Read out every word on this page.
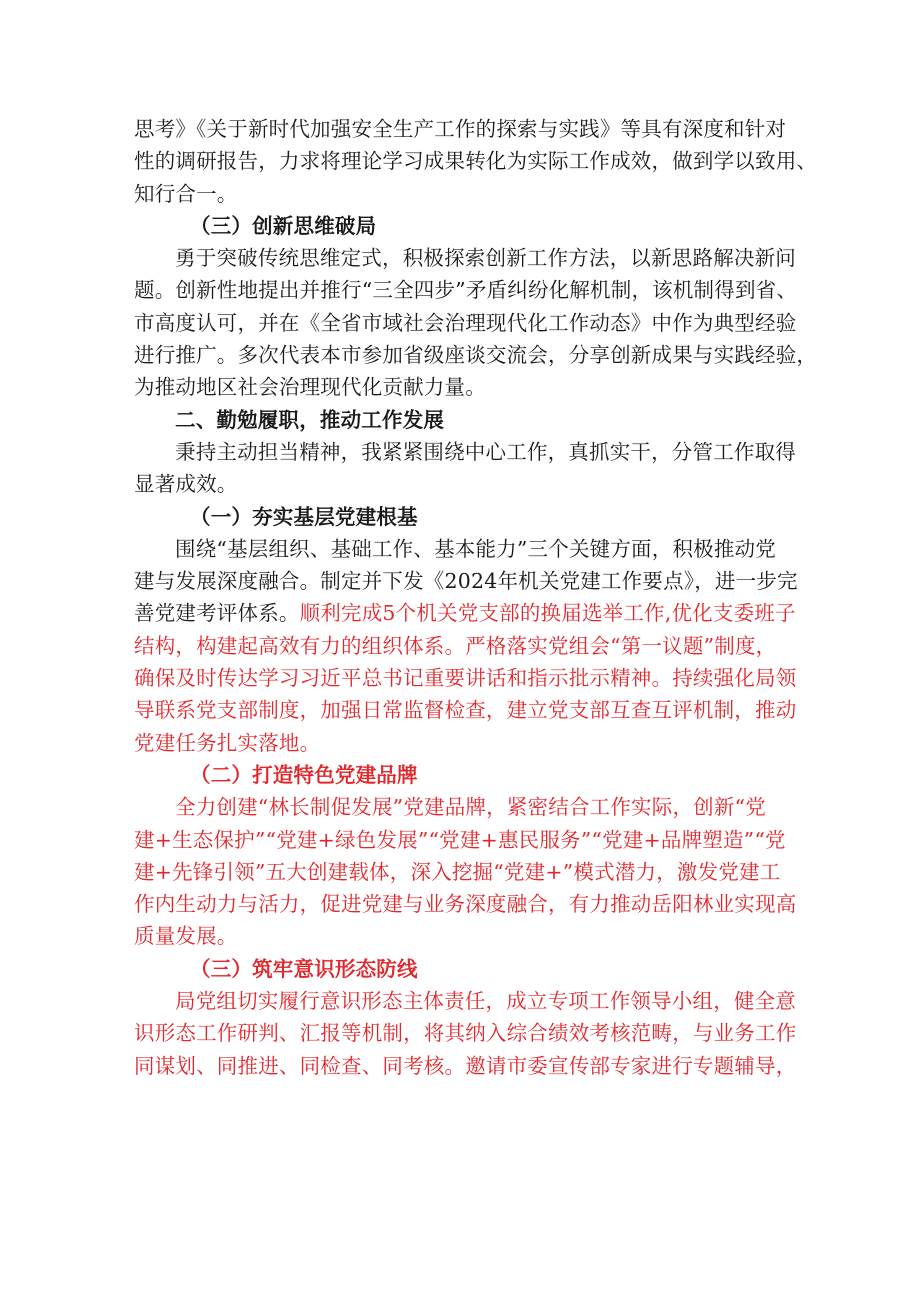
思考》《关于新时代加强安全生产工作的探索与实践》等具有深度和针对
性的调研报告，力求将理论学习成果转化为实际工作成效，做到学以致用、
知行合一。
（三）创新思维破局
勇于突破传统思维定式，积极探索创新工作方法，以新思路解决新问
题。创新性地提出并推行“三全四步”矛盾纠纷化解机制，该机制得到省、
市高度认可，并在《全省市域社会治理现代化工作动态》中作为典型经验
进行推广。多次代表本市参加省级座谈交流会，分享创新成果与实践经验，
为推动地区社会治理现代化贡献力量。
二、勤勉履职，推动工作发展
秉持主动担当精神，我紧紧围绕中心工作，真抓实干，分管工作取得
显著成效。
（一）夯实基层党建根基
围绕“基层组织、基础工作、基本能力”三个关键方面，积极推动党
建与发展深度融合。制定并下发《2024年机关党建工作要点》，进一步完
善党建考评体系。顺利完成5个机关党支部的换届选举工作,优化支委班子
结构，构建起高效有力的组织体系。严格落实党组会“第一议题”制度，
确保及时传达学习习近平总书记重要讲话和指示批示精神。持续强化局领
导联系党支部制度，加强日常监督检查，建立党支部互查互评机制，推动
党建任务扎实落地。
（二）打造特色党建品牌
全力创建“林长制促发展”党建品牌，紧密结合工作实际，创新“党
建+生态保护”“党建+绿色发展”“党建+惠民服务”“党建+品牌塑造”“党
建+先锋引领”五大创建载体，深入挖掘“党建+”模式潜力，激发党建工
作内生动力与活力，促进党建与业务深度融合，有力推动岳阳林业实现高
质量发展。
（三）筑牢意识形态防线
局党组切实履行意识形态主体责任，成立专项工作领导小组，健全意
识形态工作研判、汇报等机制，将其纳入综合绩效考核范畴，与业务工作
同谋划、同推进、同检查、同考核。邀请市委宣传部专家进行专题辅导，
